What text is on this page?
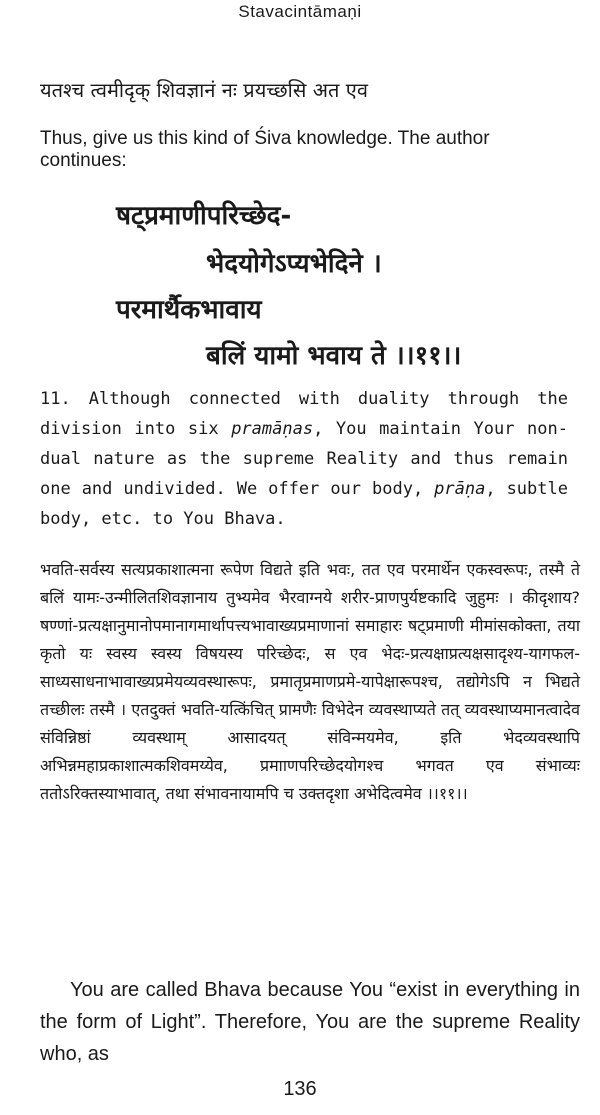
Stavacintāmaṇi
यतश्च त्वमीदृक् शिवज्ञानं नः प्रयच्छसि अत एव
Thus, give us this kind of Śiva knowledge. The author continues:
षट्प्रमाणीपरिच्छेद-
भेदयोगेऽप्यभेदिने ।
परमार्थैकभावाय
बलिं यामो भवाय ते ।।११।।

11. Although connected with duality through the division into six pramāṇas, You maintain Your non-dual nature as the supreme Reality and thus remain one and undivided. We offer our body, prāṇa, subtle body, etc. to You Bhava.

भवति-सर्वस्य सत्यप्रकाशात्मना रूपेण विद्यते इति भवः, तत एव परमार्थेन एकस्वरूपः, तस्मै ते बलिं यामः-उन्मीलितशिवज्ञानाय तुभ्यमेव भैरवाग्नये शरीर-प्राणपुर्यष्टकादि जुहुमः । कीदृशाय? षण्णां-प्रत्यक्षानुमानोपमानागमार्थापत्त्यभावाख्यप्रमाणानां समाहारः षट्प्रमाणी मीमांसकोक्ता, तया कृतो यः स्वस्य स्वस्य विषयस्य परिच्छेदः, स एव भेदः-प्रत्यक्षाप्रत्यक्षसादृश्य-यागफल-साध्यसाधनाभावाख्यप्रमेयव्यवस्थारूपः, प्रमातृप्रमाणप्रमे-यापेक्षारूपश्च, तद्योगेऽपि न भिद्यते तच्छीलः तस्मै । एतदुक्तं भवति-यत्किंचित् प्रामणैः विभेदेन व्यवस्थाप्यते तत् व्यवस्थाप्यमानत्वादेव संविन्निष्ठां व्यवस्थाम् आसादयत् संविन्मयमेव, इति भेदव्यवस्थापि अभिन्नमहाप्रकाशात्मकशिवमय्येव, प्रमााणपरिच्छेदयोगश्च भगवत एव संभाव्यः ततोऽरिक्तस्याभावात्, तथा संभावनायामपि च उक्तदृशा अभेदित्वमेव ।।११।।

You are called Bhava because You “exist in everything in the form of Light”. Therefore, You are the supreme Reality who, as

136
